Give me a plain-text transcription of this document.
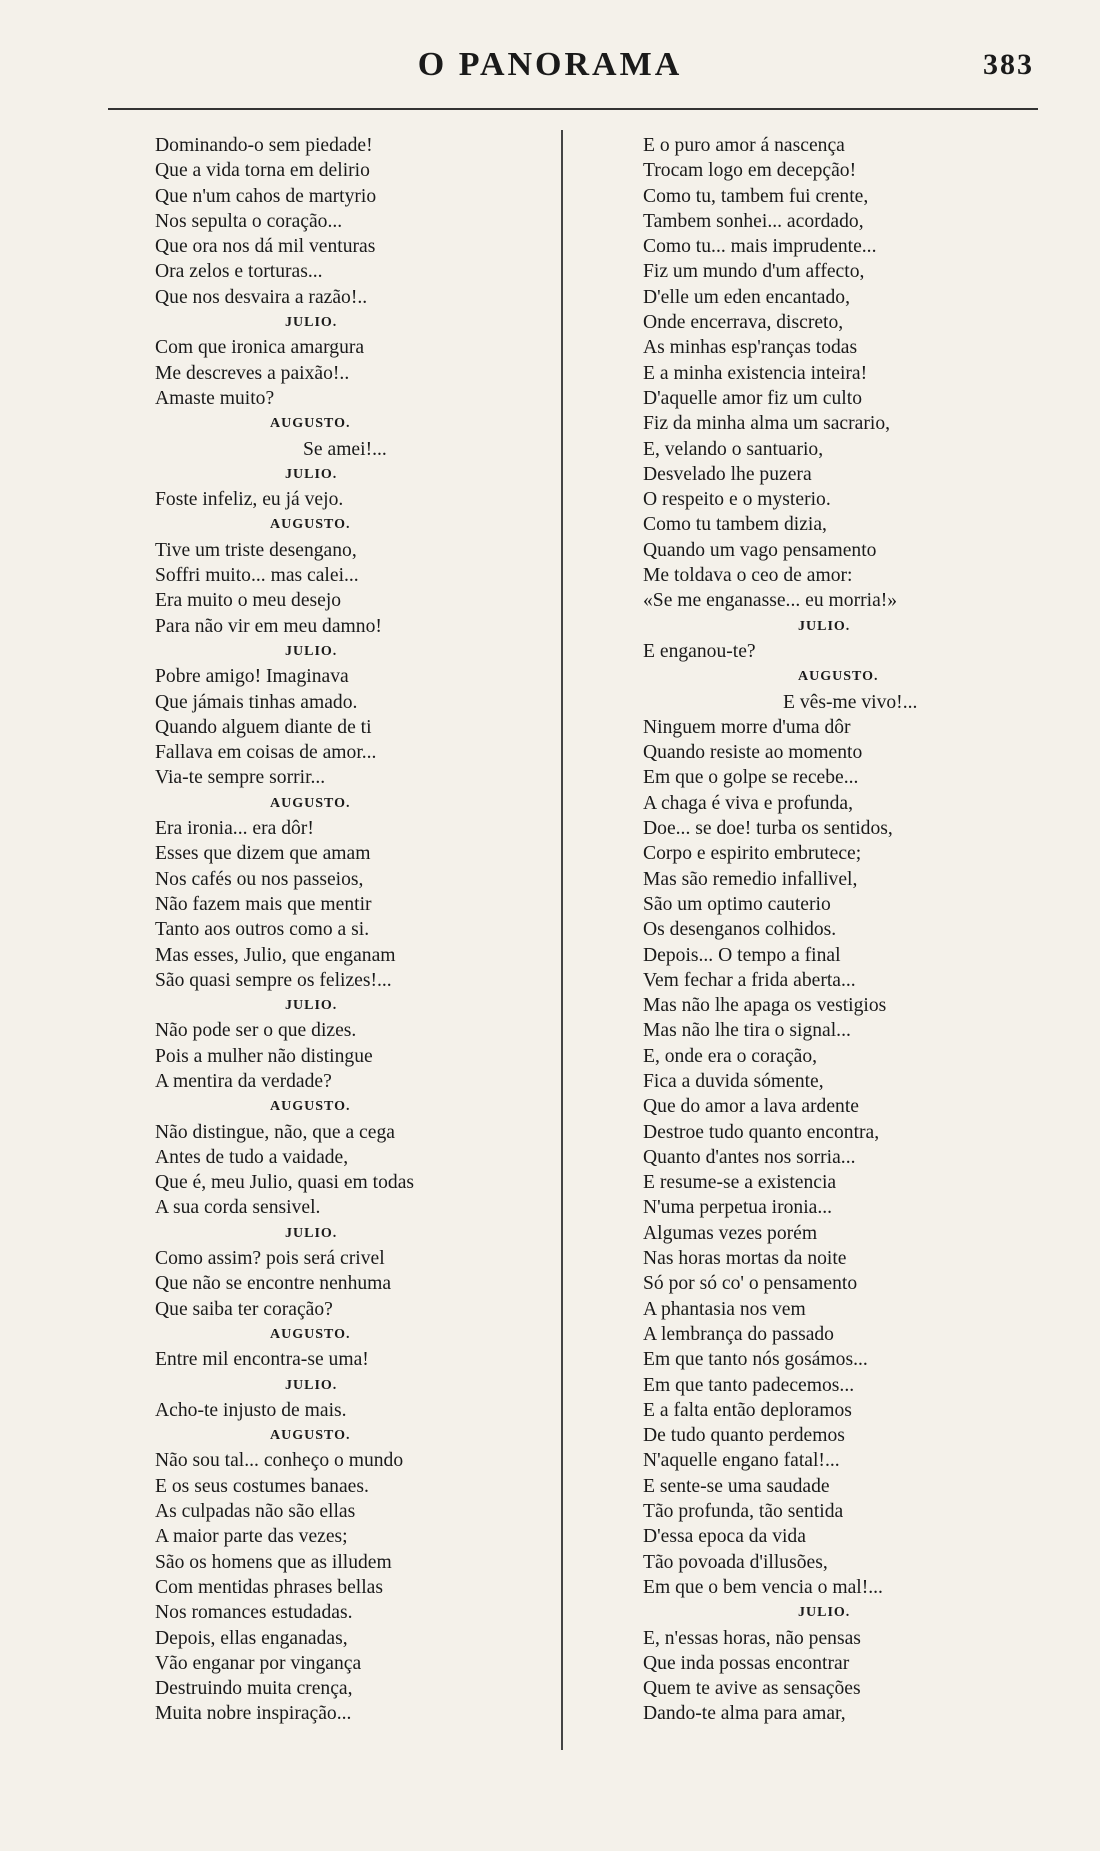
O PANORAMA	383
Dominando-o sem piedade!
Que a vida torna em delirio
Que n'um cahos de martyrio
Nos sepulta o coração...
Que ora nos dá mil venturas
Ora zelos e torturas...
Que nos desvaira a razão!..
JULIO.
Com que ironica amargura
Me descreves a paixão!..
Amaste muito?
AUGUSTO.
Se amei!...
JULIO.
Foste infeliz, eu já vejo.
AUGUSTO.
Tive um triste desengano,
Soffri muito... mas calei...
Era muito o meu desejo
Para não vir em meu damno!
JULIO.
Pobre amigo! Imaginava
Que jámais tinhas amado.
Quando alguem diante de ti
Fallava em coisas de amor...
Via-te sempre sorrir...
AUGUSTO.
Era ironia... era dôr!
Esses que dizem que amam
Nos cafés ou nos passeios,
Não fazem mais que mentir
Tanto aos outros como a si.
Mas esses, Julio, que enganam
São quasi sempre os felizes!...
JULIO.
Não pode ser o que dizes.
Pois a mulher não distingue
A mentira da verdade?
AUGUSTO.
Não distingue, não, que a cega
Antes de tudo a vaidade,
Que é, meu Julio, quasi em todas
A sua corda sensivel.
JULIO.
Como assim? pois será crivel
Que não se encontre nenhuma
Que saiba ter coração?
AUGUSTO.
Entre mil encontra-se uma!
JULIO.
Acho-te injusto de mais.
AUGUSTO.
Não sou tal... conheço o mundo
E os seus costumes banaes.
As culpadas não são ellas
A maior parte das vezes;
São os homens que as illudem
Com mentidas phrases bellas
Nos romances estudadas.
Depois, ellas enganadas,
Vão enganar por vingança
Destruindo muita crença,
Muita nobre inspiração...
E o puro amor á nascença
Trocam logo em decepção!
Como tu, tambem fui crente,
Tambem sonhei... acordado,
Como tu... mais imprudente...
Fiz um mundo d'um affecto,
D'elle um eden encantado,
Onde encerrava, discreto,
As minhas esp'ranças todas
E a minha existencia inteira!
D'aquelle amor fiz um culto
Fiz da minha alma um sacrario,
E, velando o santuario,
Desvelado lhe puzera
O respeito e o mysterio.
Como tu tambem dizia,
Quando um vago pensamento
Me toldava o ceo de amor:
«Se me enganasse... eu morria!»
JULIO.
E enganou-te?
AUGUSTO.
E vês-me vivo!...
Ninguem morre d'uma dôr
Quando resiste ao momento
Em que o golpe se recebe...
A chaga é viva e profunda,
Doe... se doe! turba os sentidos,
Corpo e espirito embrutece;
Mas são remedio infallivel,
São um optimo cauterio
Os desenganos colhidos.
Depois... O tempo a final
Vem fechar a frida aberta...
Mas não lhe apaga os vestigios
Mas não lhe tira o signal...
E, onde era o coração,
Fica a duvida sómente,
Que do amor a lava ardente
Destroe tudo quanto encontra,
Quanto d'antes nos sorria...
E resume-se a existencia
N'uma perpetua ironia...
Algumas vezes porém
Nas horas mortas da noite
Só por só co' o pensamento
A phantasia nos vem
A lembrança do passado
Em que tanto nós gosámos...
Em que tanto padecemos...
E a falta então deploramos
De tudo quanto perdemos
N'aquelle engano fatal!...
E sente-se uma saudade
Tão profunda, tão sentida
D'essa epoca da vida
Tão povoada d'illusões,
Em que o bem vencia o mal!...
JULIO.
E, n'essas horas, não pensas
Que inda possas encontrar
Quem te avive as sensações
Dando-te alma para amar,
